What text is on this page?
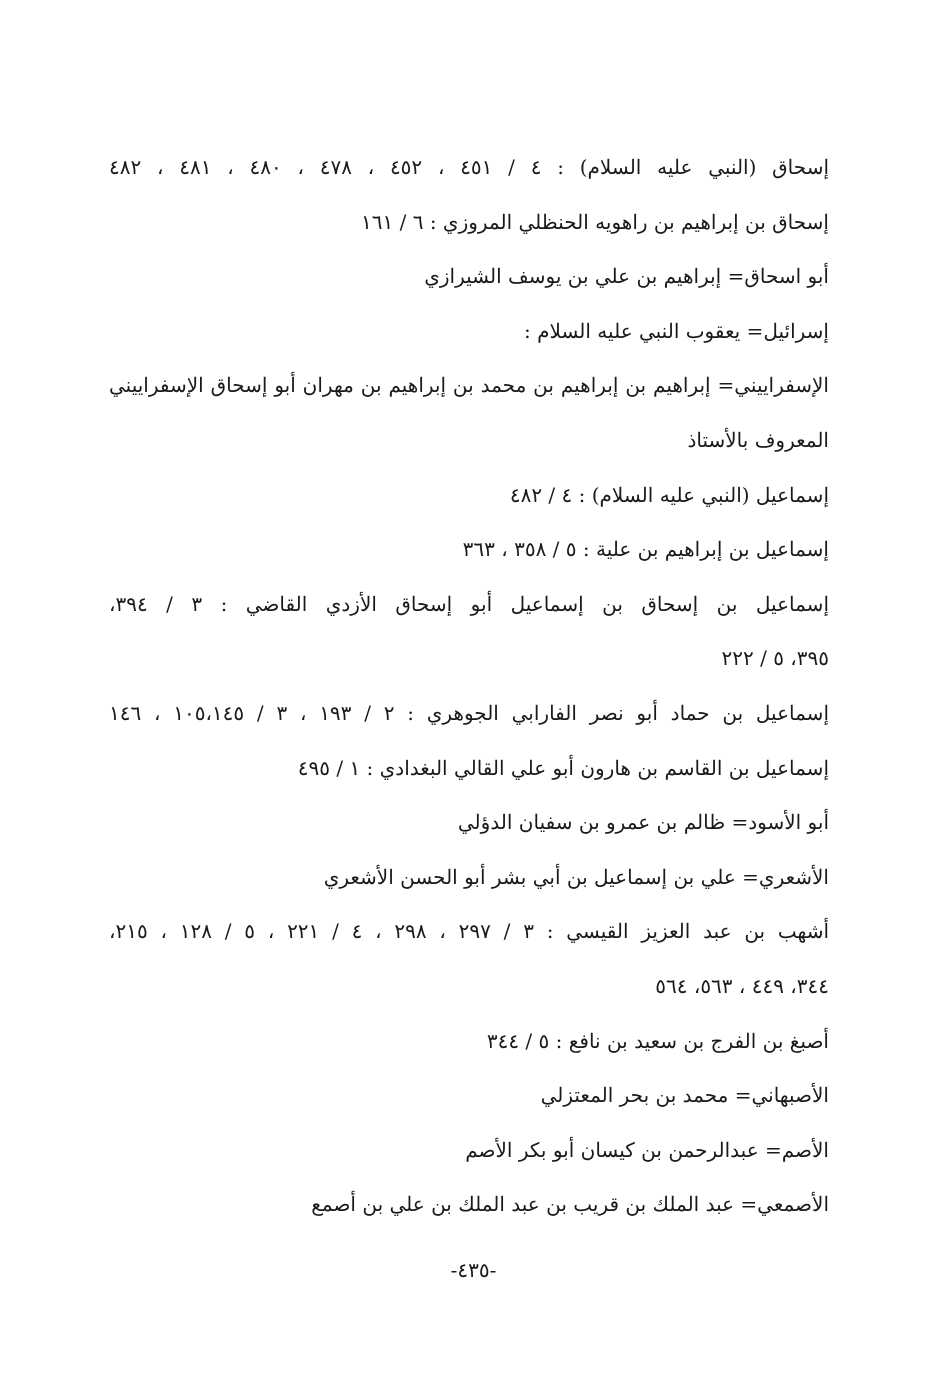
إسحاق (النبي عليه السلام) : ٤ / ٤٥١ ، ٤٥٢ ، ٤٧٨ ، ٤٨٠ ، ٤٨١ ، ٤٨٢
إسحاق بن إبراهيم بن راهويه الحنظلي المروزي : ٦ / ١٦١
أبو اسحاق= إبراهيم بن علي بن يوسف الشيرازي
إسرائيل= يعقوب النبي عليه السلام :
الإسفراييني= إبراهيم بن إبراهيم بن محمد بن إبراهيم بن مهران أبو إسحاق الإسفراييني
المعروف بالأستاذ
إسماعيل (النبي عليه السلام) : ٤ / ٤٨٢
إسماعيل بن إبراهيم بن علية : ٥ / ٣٥٨ ، ٣٦٣
إسماعيل بن إسحاق بن إسماعيل أبو إسحاق الأزدي القاضي : ٣ / ٣٩٤،
٣٩٥، ٥ / ٢٢٢
إسماعيل بن حماد أبو نصر الفارابي الجوهري : ٢ / ١٩٣ ، ٣ / ١٠٥،١٤٥ ، ١٤٦
إسماعيل بن القاسم بن هارون أبو علي القالي البغدادي : ١ / ٤٩٥
أبو الأسود= ظالم بن عمرو بن سفيان الدؤلي
الأشعري= علي بن إسماعيل بن أبي بشر أبو الحسن الأشعري
أشهب بن عبد العزيز القيسي : ٣ / ٢٩٧ ، ٢٩٨ ، ٤ / ٢٢١ ، ٥ / ١٢٨ ، ٢١٥،
٣٤٤، ٤٤٩ ، ٥٦٣، ٥٦٤
أصبغ بن الفرج بن سعيد بن نافع : ٥ / ٣٤٤
الأصبهاني= محمد بن بحر المعتزلي
الأصم= عبدالرحمن بن كيسان أبو بكر الأصم
الأصمعي= عبد الملك بن قريب بن عبد الملك بن علي بن أصمع
-٤٣٥-
